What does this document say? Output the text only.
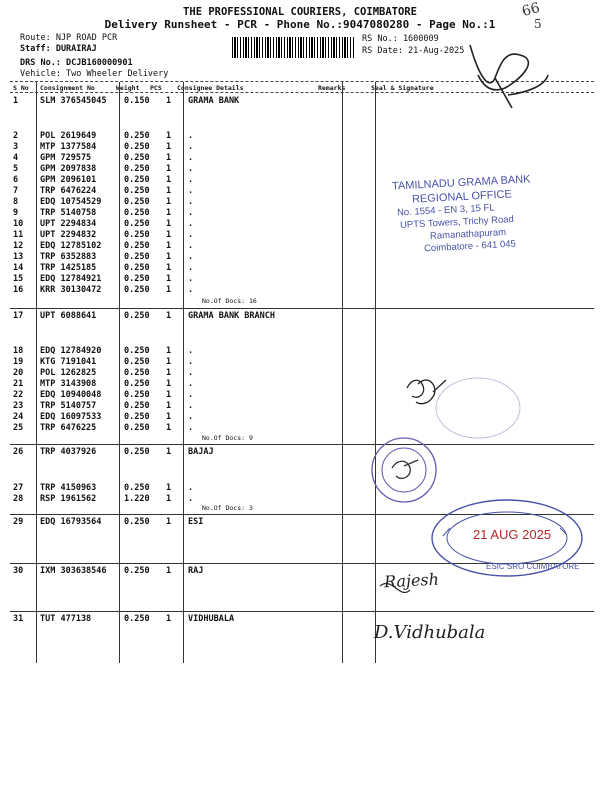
THE PROFESSIONAL COURIERS, COIMBATORE
Delivery Runsheet - PCR - Phone No.:9047080280 - Page No.:1
Route: NJP ROAD PCR
Staff: DURAIRAJ
DRS No.: DCJB160000901
Vehicle: Two Wheeler Delivery
RS No.: 1600009
RS Date: 21-Aug-2025
66
5
S No Consignment No	Weight PCS Consignee Details	Remarks	Seal & Signature
1	SLM 376545045 0.150 1 GRAMA BANK
2	POL 2619649	0.250 1 .
3	MTP 1377584	0.250 1 .
4	GPM 729575	0.250 1 .
5	GPM 2097838	0.250 1 .
6	GPM 2096101	0.250 1 .
7	TRP 6476224	0.250 1 .
8	EDQ 10754529	0.250 1 .
9	TRP 5140758	0.250 1 .
10 UPT 2294834	0.250 1 .
11 UPT 2294832	0.250 1 .
12 EDQ 12785102	0.250 1 .
13 TRP 6352883	0.250 1 .
14 TRP 1425185	0.250 1 .
15 EDQ 12784921	0.250 1 .
16 KRR 30130472	0.250 1 .
17 UPT 6088641	0.250 1 GRAMA BANK BRANCH
18 EDQ 12784920	0.250 1 .
19 KTG 7191041	0.250 1 .
20 POL 1262825	0.250 1 .
21 MTP 3143908	0.250 1 .
22 EDQ 10940048	0.250 1 .
23 TRP 5140757	0.250 1 .
24 EDQ 16097533	0.250 1 .
25 TRP 6476225	0.250 1 .
26 TRP 4037926	0.250 1 BAJAJ
27 TRP 4150963	0.250 1 .
28 RSP 1961562	1.220 1 .
29 EDQ 16793564	0.250 1 ESI
30 IXM 303638546 0.250 1 RAJ
31 TUT 477138	0.250 1 VIDHUBALA
No.Of Docs: 16
No.Of Docs: 9
No.Of Docs: 3
TAMILNADU GRAMA BANK
REGIONAL OFFICE
No. 1554 - EN 3, 15 FL
UPTS Towers, Trichy Road
Ramanathapuram
Coimbatore - 641 045
21 AUG 2025
ESIC SRO COIMBATORE
Rajesh
D.Vidhubala
